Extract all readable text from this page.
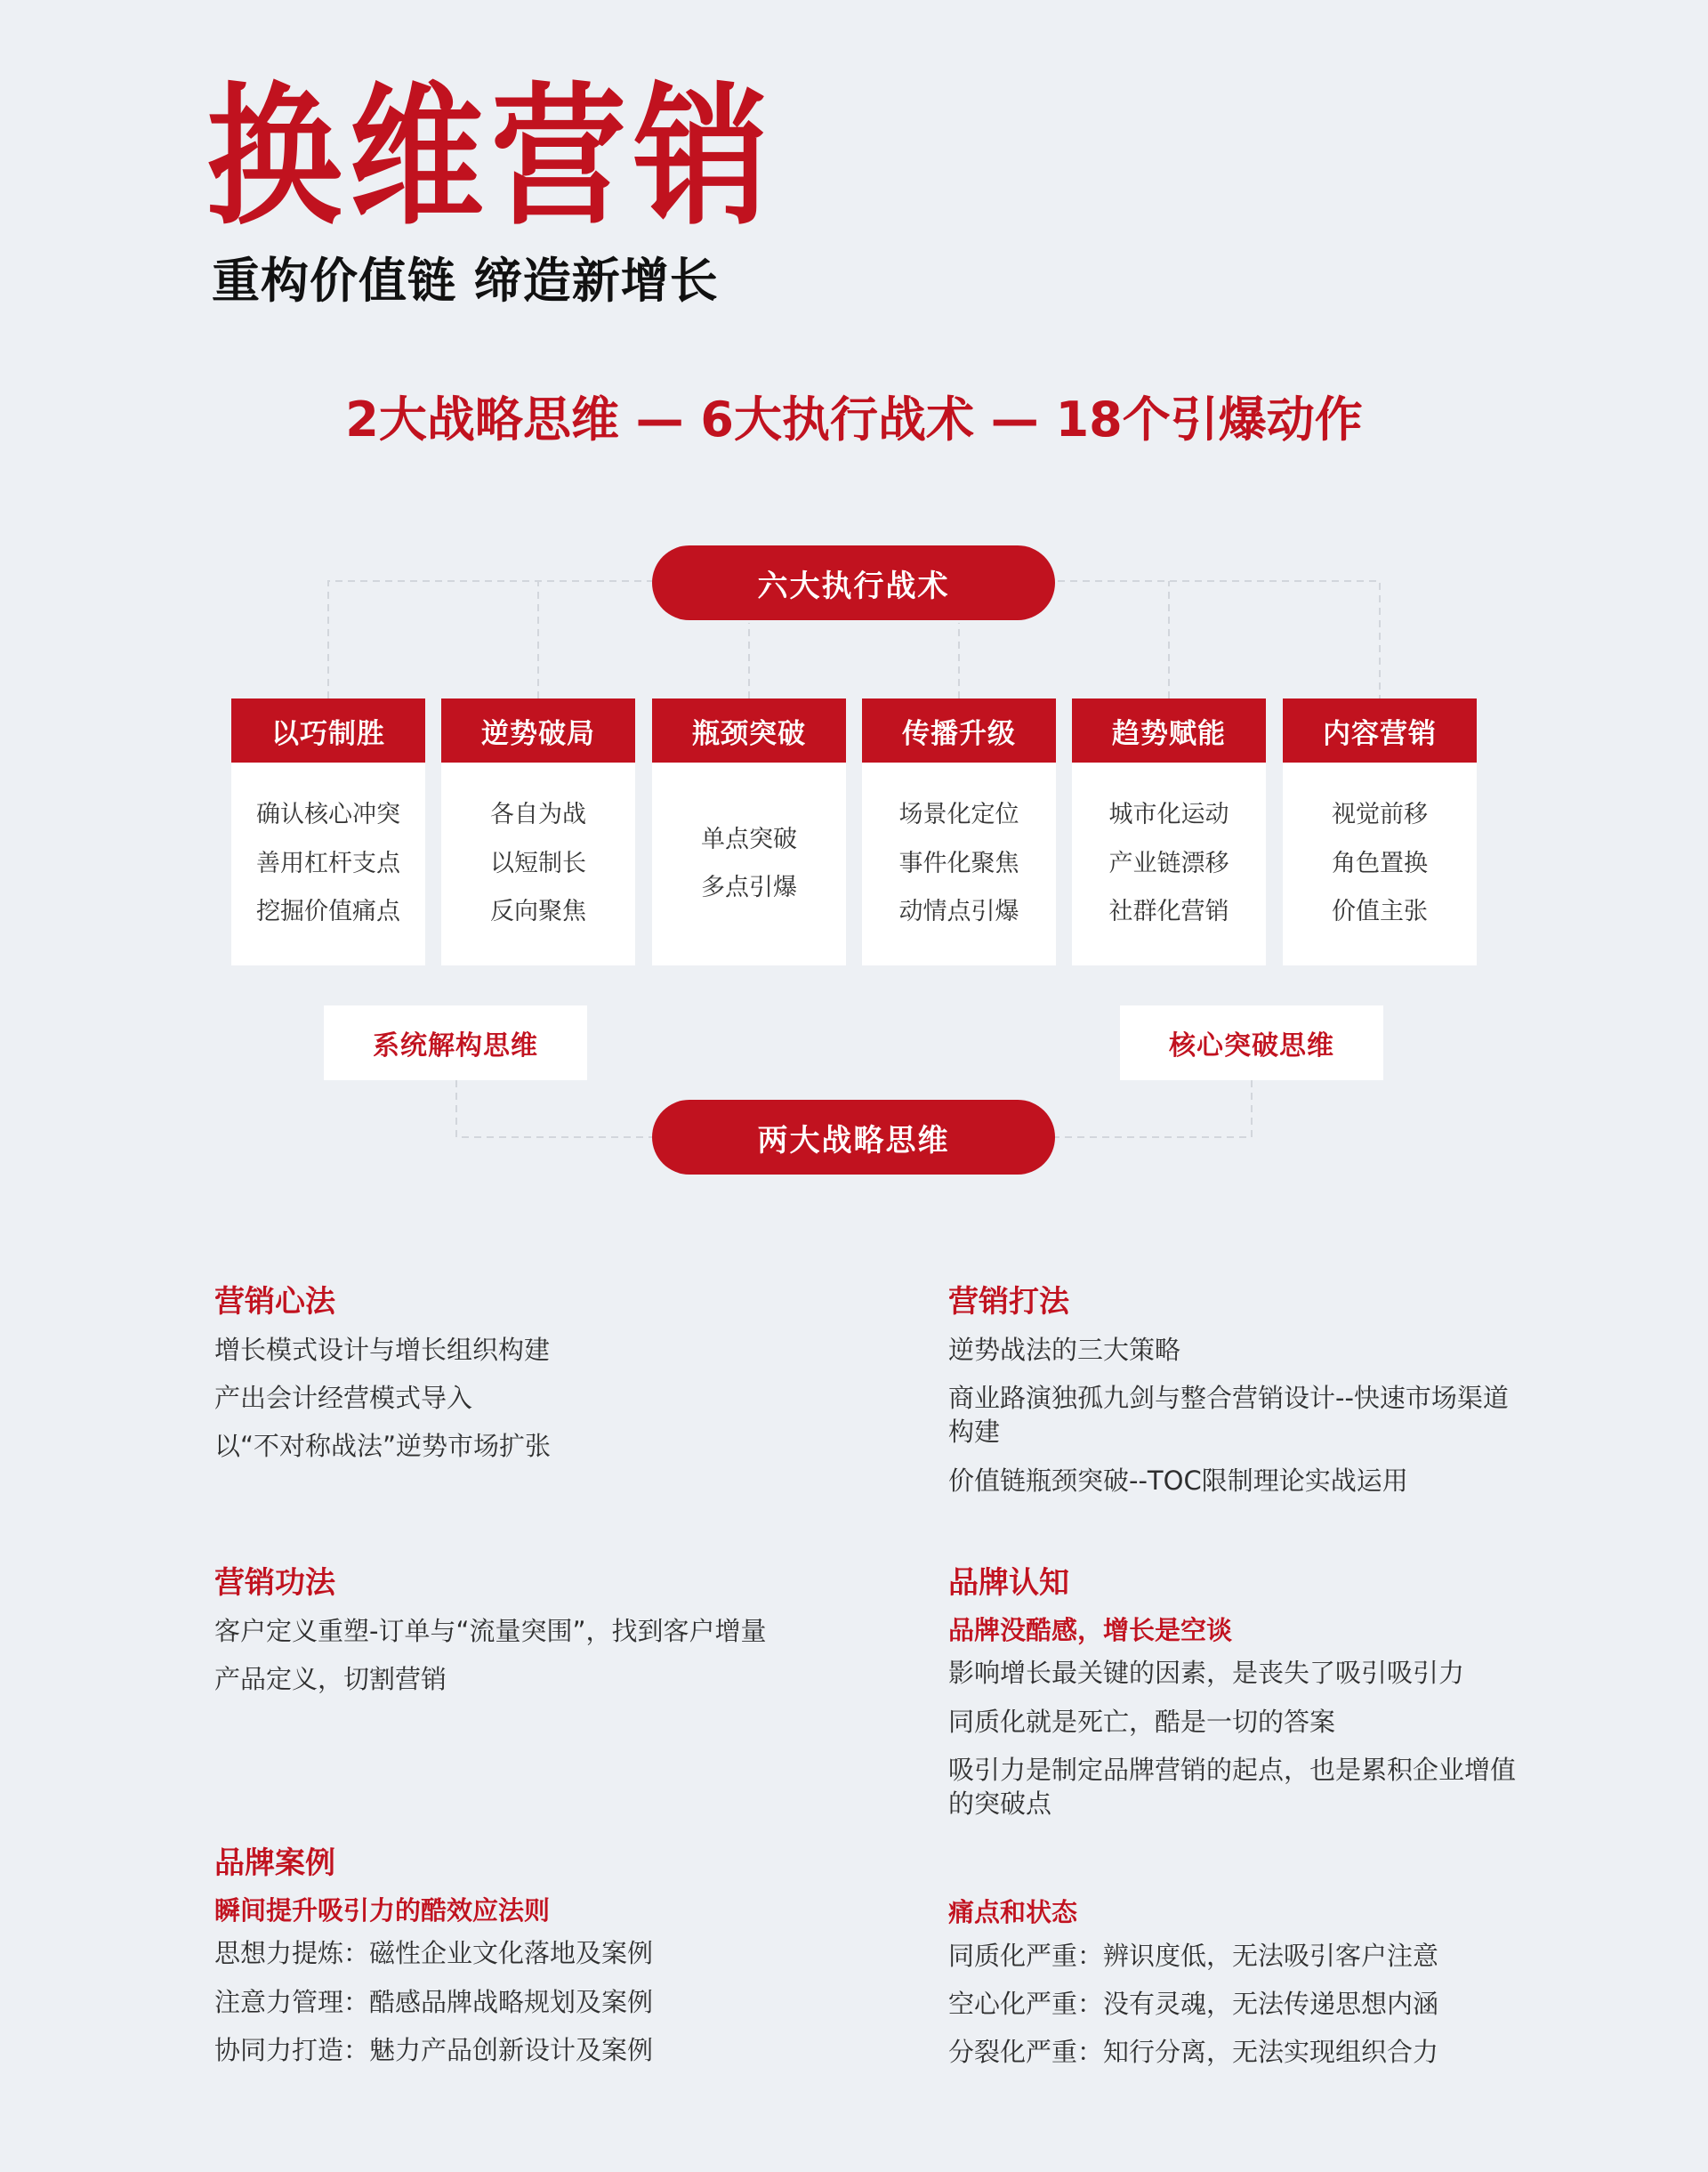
换维营销
重构价值链 缔造新增长
2大战略思维 — 6大执行战术 — 18个引爆动作
六大执行战术
以巧制胜
确认核心冲突
善用杠杆支点
挖掘价值痛点
逆势破局
各自为战
以短制长
反向聚焦
瓶颈突破
单点突破
多点引爆
传播升级
场景化定位
事件化聚焦
动情点引爆
趋势赋能
城市化运动
产业链漂移
社群化营销
内容营销
视觉前移
角色置换
价值主张
系统解构思维	核心突破思维
两大战略思维
营销心法
增长模式设计与增长组织构建
产出会计经营模式导入
以“不对称战法”逆势市场扩张
营销功法
客户定义重塑-订单与“流量突围”，找到客户增量
产品定义，切割营销
品牌案例

瞬间提升吸引力的酷效应法则

思想力提炼：磁性企业文化落地及案例
注意力管理：酷感品牌战略规划及案例
协同力打造：魅力产品创新设计及案例
营销打法
逆势战法的三大策略
商业路演独孤九剑与整合营销设计--快速市场渠道构建
价值链瓶颈突破--TOC限制理论实战运用
品牌认知

品牌没酷感，增长是空谈

影响增长最关键的因素，是丧失了吸引吸引力
同质化就是死亡，酷是一切的答案
吸引力是制定品牌营销的起点，也是累积企业增值的突破点

痛点和状态

同质化严重：辨识度低，无法吸引客户注意
空心化严重：没有灵魂，无法传递思想内涵
分裂化严重：知行分离，无法实现组织合力
